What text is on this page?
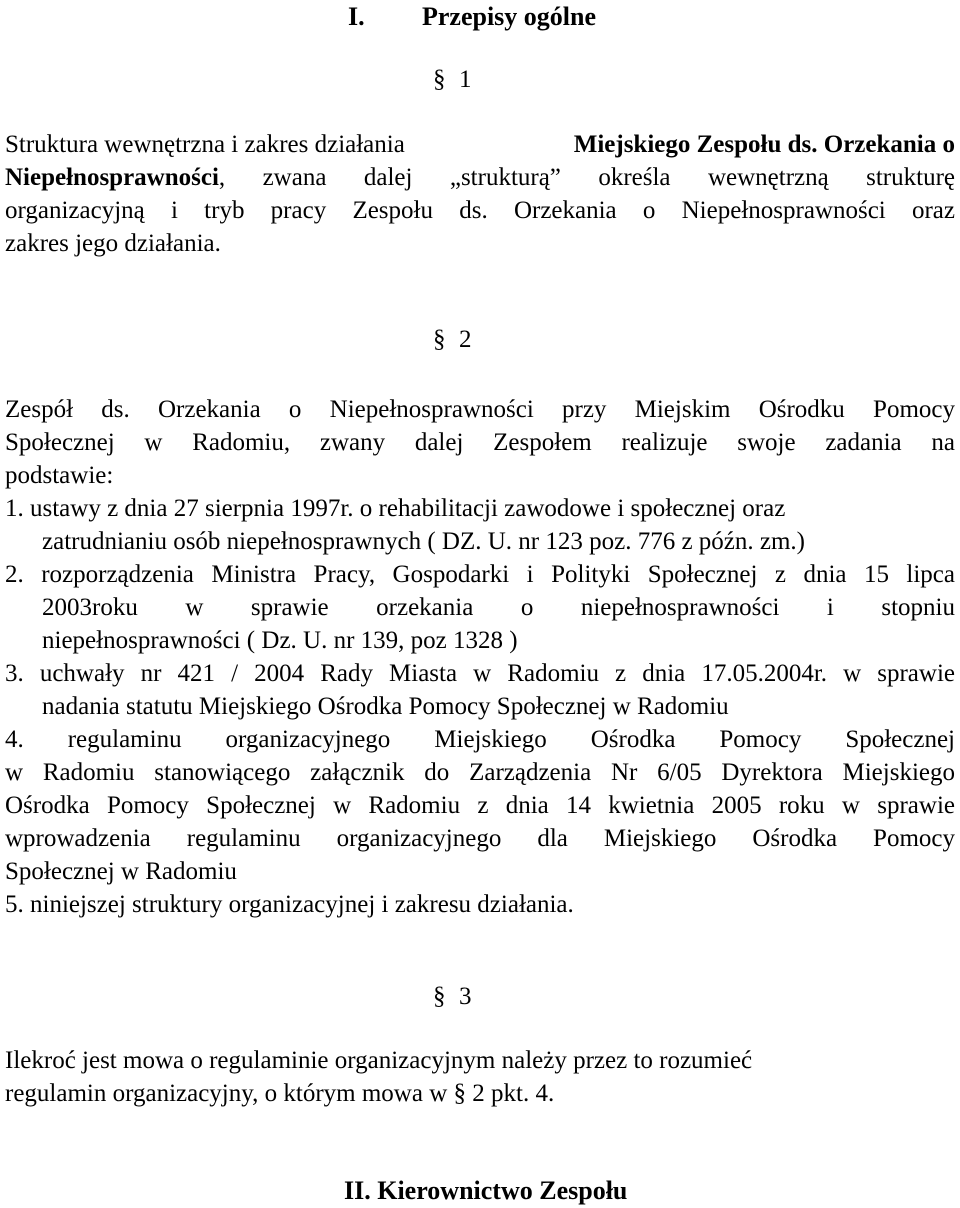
I. Przepisy ogólne
§ 1
Struktura wewnętrzna i zakres działania	Miejskiego Zespołu ds. Orzekania o
Niepełnosprawności , zwana dalej „strukturą” określa wewnętrzną strukturę
organizacyjną i tryb pracy Zespołu ds. Orzekania o Niepełnosprawności oraz
zakres jego działania.
§ 2
Zespół ds. Orzekania o Niepełnosprawności przy Miejskim Ośrodku Pomocy
Społecznej w Radomiu, zwany dalej Zespołem realizuje swoje zadania na
podstawie:
1. ustawy z dnia 27 sierpnia 1997r. o rehabilitacji zawodowe i społecznej oraz
zatrudnianiu osób niepełnosprawnych ( DZ. U. nr 123 poz. 776 z późn. zm.)
2. rozporządzenia Ministra Pracy, Gospodarki i Polityki Społecznej z dnia 15 lipca
2003roku w sprawie orzekania o niepełnosprawności i stopniu
niepełnosprawności ( Dz. U. nr 139, poz 1328 )
3. uchwały nr 421 / 2004 Rady Miasta w Radomiu z dnia 17.05.2004r. w sprawie
nadania statutu Miejskiego Ośrodka Pomocy Społecznej w Radomiu
4. regulaminu organizacyjnego Miejskiego Ośrodka Pomocy Społecznej
w Radomiu stanowiącego załącznik do Zarządzenia Nr 6/05 Dyrektora Miejskiego
Ośrodka Pomocy Społecznej w Radomiu z dnia 14 kwietnia 2005 roku w sprawie
wprowadzenia regulaminu organizacyjnego dla Miejskiego Ośrodka Pomocy
Społecznej w Radomiu
5. niniejszej struktury organizacyjnej i zakresu działania.
§ 3
Ilekroć jest mowa o regulaminie organizacyjnym należy przez to rozumieć
regulamin organizacyjny, o którym mowa w § 2 pkt. 4.
II. Kierownictwo Zespołu
